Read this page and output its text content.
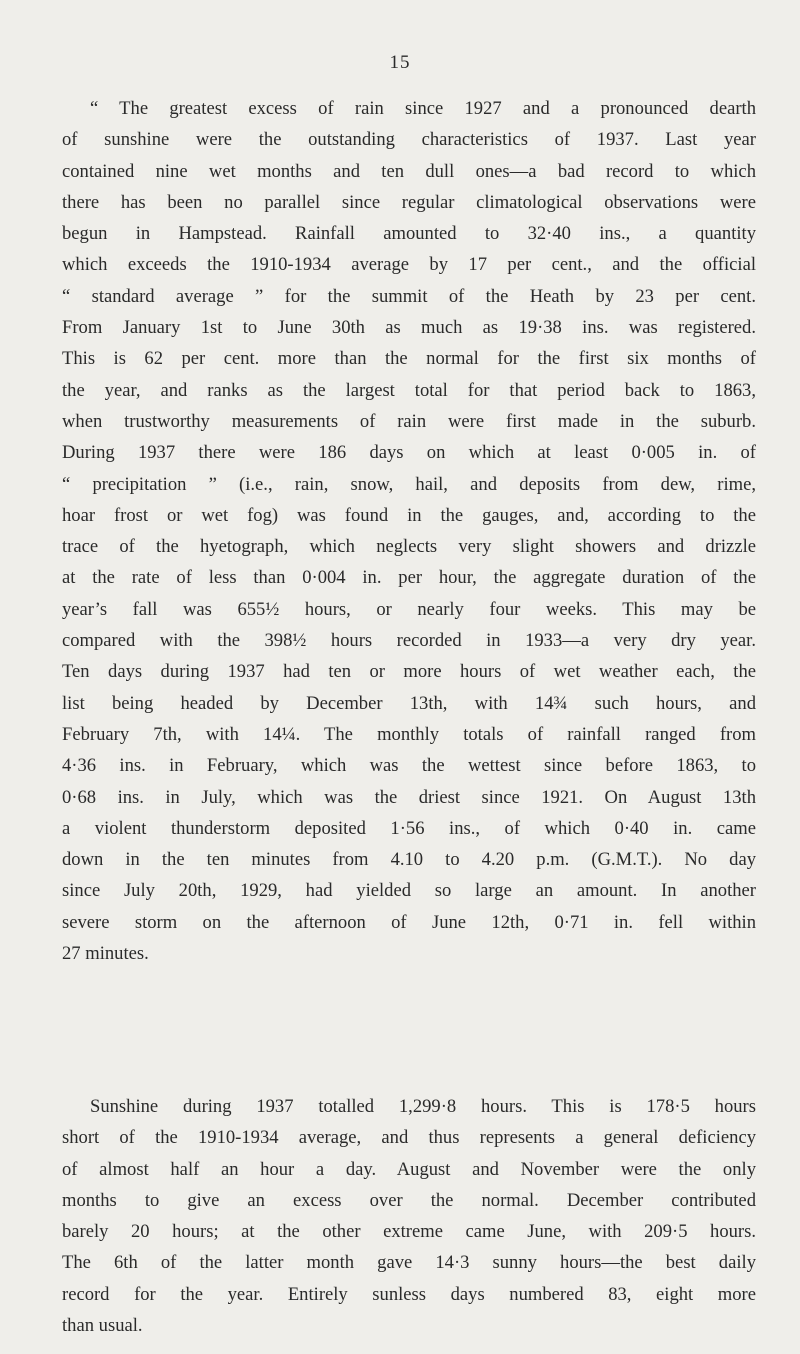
15
“ The greatest excess of rain since 1927 and a pronounced dearth
of sunshine were the outstanding characteristics of 1937. Last year
contained nine wet months and ten dull ones—a bad record to which
there has been no parallel since regular climatological observations were
begun in Hampstead. Rainfall amounted to 32·40 ins., a quantity
which exceeds the 1910-1934 average by 17 per cent., and the official
“ standard average ” for the summit of the Heath by 23 per cent.
From January 1st to June 30th as much as 19·38 ins. was registered.
This is 62 per cent. more than the normal for the first six months of
the year, and ranks as the largest total for that period back to 1863,
when trustworthy measurements of rain were first made in the suburb.
During 1937 there were 186 days on which at least 0·005 in. of
“ precipitation ” (i.e., rain, snow, hail, and deposits from dew, rime,
hoar frost or wet fog) was found in the gauges, and, according to the
trace of the hyetograph, which neglects very slight showers and drizzle
at the rate of less than 0·004 in. per hour, the aggregate duration of the
year’s fall was 655½ hours, or nearly four weeks. This may be
compared with the 398½ hours recorded in 1933—a very dry year.
Ten days during 1937 had ten or more hours of wet weather each, the
list being headed by December 13th, with 14¾ such hours, and
February 7th, with 14¼. The monthly totals of rainfall ranged from
4·36 ins. in February, which was the wettest since before 1863, to
0·68 ins. in July, which was the driest since 1921. On August 13th
a violent thunderstorm deposited 1·56 ins., of which 0·40 in. came
down in the ten minutes from 4.10 to 4.20 p.m. (G.M.T.). No day
since July 20th, 1929, had yielded so large an amount. In another
severe storm on the afternoon of June 12th, 0·71 in. fell within
27 minutes.
Sunshine during 1937 totalled 1,299·8 hours. This is 178·5 hours
short of the 1910-1934 average, and thus represents a general deficiency
of almost half an hour a day. August and November were the only
months to give an excess over the normal. December contributed
barely 20 hours; at the other extreme came June, with 209·5 hours.
The 6th of the latter month gave 14·3 sunny hours—the best daily
record for the year. Entirely sunless days numbered 83, eight more
than usual.
